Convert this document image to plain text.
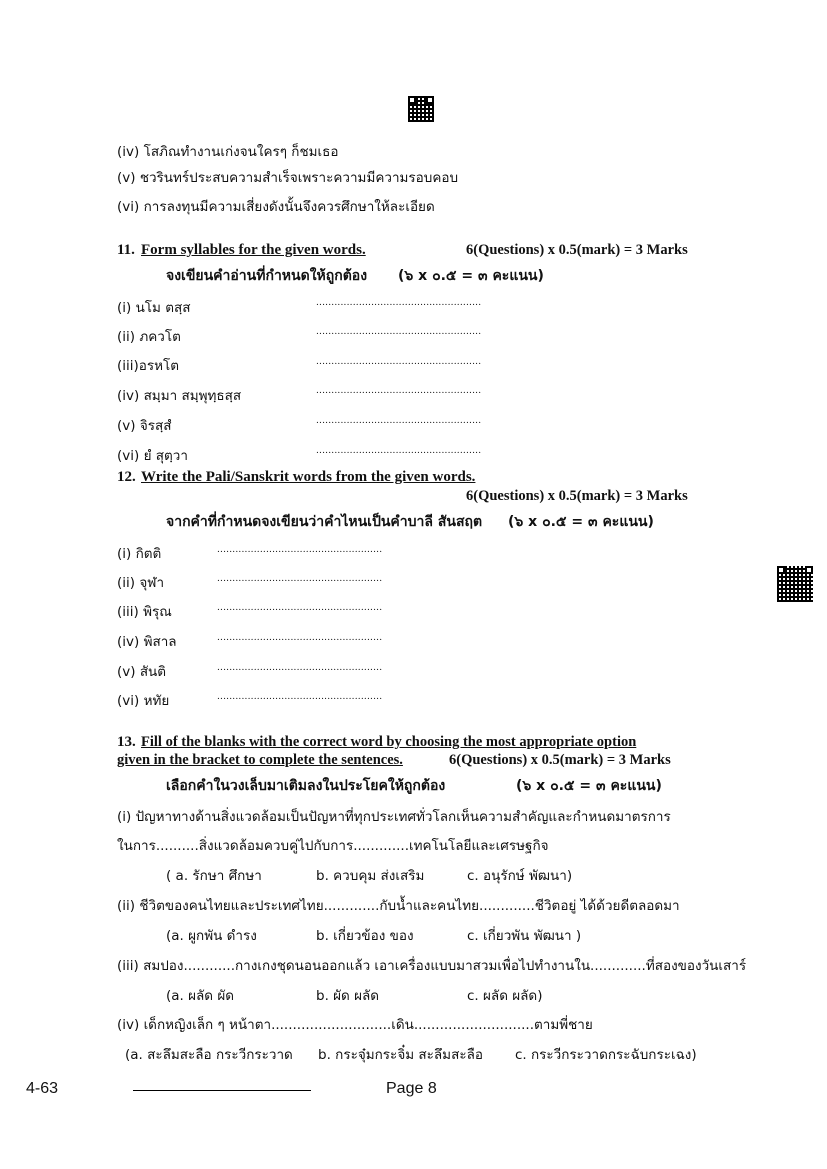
(iv) โสภิณทำงานเก่งจนใครๆ ก็ชมเธอ
(v) ชวรินทร์ประสบความสำเร็จเพราะความมีความรอบคอบ
(vi) การลงทุนมีความเสี่ยงดังนั้นจึงควรศึกษาให้ละเอียด
11. Form syllables for the given words.	6(Questions) x 0.5(mark) = 3 Marks
จงเขียนคำอ่านที่กำหนดให้ถูกต้อง (๖ x ๐.๕ = ๓ คะแนน)
(i) นโม ตสฺส	......................................................
(ii) ภควโต	......................................................
(iii)อรหโต	......................................................
(iv) สมฺมา สมฺพุทฺธสฺส	......................................................
(v) จิรสฺสํ	......................................................
(vi) ยํ สุตฺวา	......................................................
12. Write the Pali/Sanskrit words from the given words.
6(Questions) x 0.5(mark) = 3 Marks
จากคำที่กำหนดจงเขียนว่าคำไหนเป็นคำบาลี สันสฤต (๖ x ๐.๕ = ๓ คะแนน)
(i) กิตติ	......................................................
(ii) จุฬา	......................................................
(iii) พิรุณ	......................................................
(iv) พิสาล	......................................................
(v) สันติ	......................................................
(vi) หทัย	......................................................
13. Fill of the blanks with the correct word by choosing the most appropriate option
given in the bracket to complete the sentences.	6(Questions) x 0.5(mark) = 3 Marks
เลือกคำในวงเล็บมาเติมลงในประโยคให้ถูกต้อง	(๖ x ๐.๕ = ๓ คะแนน)
(i) ปัญหาทางด้านสิ่งแวดล้อมเป็นปัญหาที่ทุกประเทศทั่วโลกเห็นความสำคัญและกำหนดมาตรการ
ในการ..........สิ่งแวดล้อมควบคู่ไปกับการ.............เทคโนโลยีและเศรษฐกิจ
( a. รักษา ศึกษา	b. ควบคุม ส่งเสริม	c. อนุรักษ์ พัฒนา)
(ii) ชีวิตของคนไทยและประเทศไทย.............กับน้ำและคนไทย.............ชีวิตอยู่ ได้ด้วยดีตลอดมา
(a. ผูกพัน ดำรง	b. เกี่ยวข้อง ของ	c. เกี่ยวพัน พัฒนา )
(iii) สมปอง............กางเกงชุดนอนออกแล้ว เอาเครื่องแบบมาสวมเพื่อไปทำงานใน.............ที่สองของวันเสาร์
(a. ผลัด ผัด	b. ผัด ผลัด	c. ผลัด ผลัด)
(iv) เด็กหญิงเล็ก ๆ หน้าตา............................เดิน............................ตามพี่ชาย
(a. สะลึมสะลือ กระวีกระวาด b. กระจุ๋มกระจิ๋ม สะลึมสะลือ c. กระวีกระวาดกระฉับกระเฉง)
4-63	Page 8
